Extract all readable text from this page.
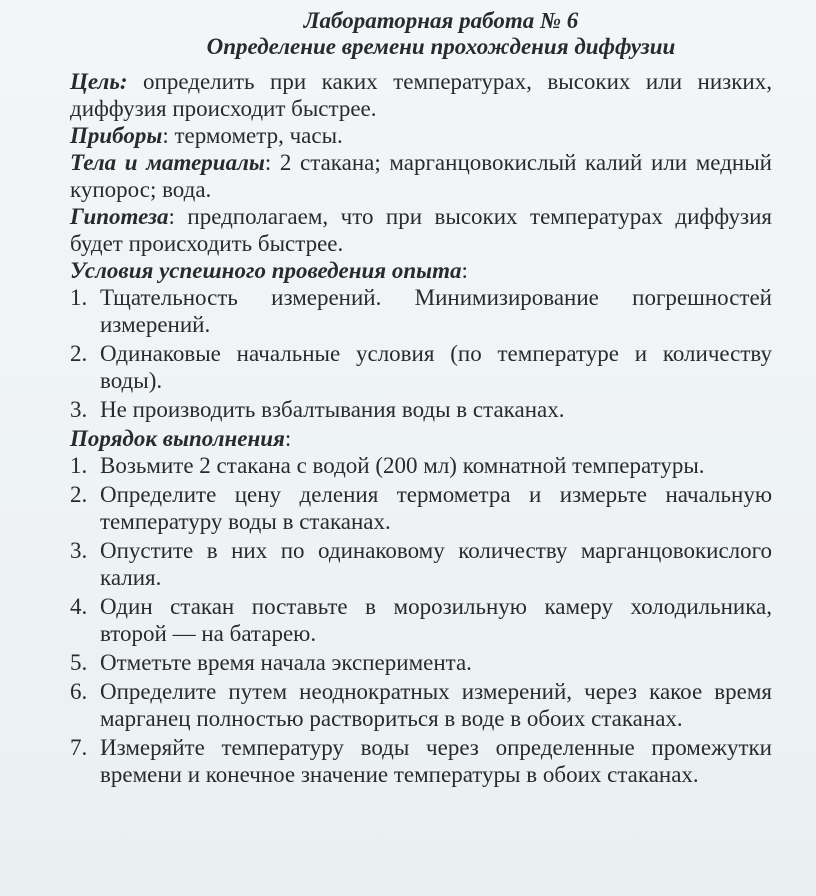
Лабораторная работа № 6

Определение времени прохождения диффузии

Цель: определить при каких температурах, высоких или низких, диффузия происходит быстрее.

Приборы: термометр, часы.

Тела и материалы: 2 стакана; марганцовокислый калий или медный купорос; вода.

Гипотеза: предполагаем, что при высоких температурах диффузия будет происходить быстрее.

Условия успешного проведения опыта:

1. Тщательность измерений. Минимизирование погрешностей измерений.
2. Одинаковые начальные условия (по температуре и количеству воды).
3. Не производить взбалтывания воды в стаканах.

Порядок выполнения:

1. Возьмите 2 стакана с водой (200 мл) комнатной температуры.
2. Определите цену деления термометра и измерьте начальную температуру воды в стаканах.
3. Опустите в них по одинаковому количеству марганцовокислого калия.
4. Один стакан поставьте в морозильную камеру холодильника, второй — на батарею.
5. Отметьте время начала эксперимента.
6. Определите путем неоднократных измерений, через какое время марганец полностью раствориться в воде в обоих стаканах.
7. Измеряйте температуру воды через определенные промежутки времени и конечное значение температуры в обоих стаканах.
